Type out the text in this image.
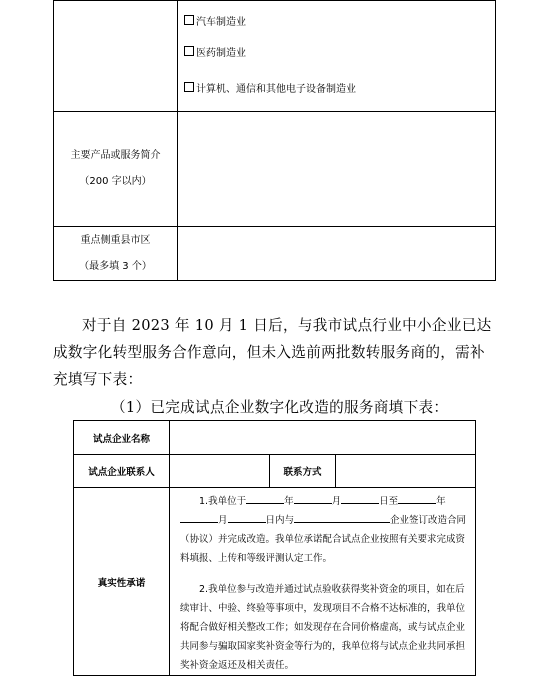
	汽车制造业
医药制造业
计算机、通信和其他电子设备制造业

主要产品或服务简介
（200 字以内）	

重点侧重县市区
（最多填 3 个）	

对于自 2023 年 10 月 1 日后，与我市试点行业中小企业已达成数字化转型服务合作意向，但未入选前两批数转服务商的，需补充填写下表：
（1）已完成试点企业数字化改造的服务商填下表：
试点企业名称			
试点企业联系人		联系方式	
真实性承诺	1.我单位于 年 月 日至 年月 日内与 企业签订改造合同（协议）并完成改造。我单位承诺配合试点企业按照有关要求完成资料填报、上传和等级评测认定工作。

2.我单位参与改造并通过试点验收获得奖补资金的项目，如在后续审计、中验、终验等事项中，发现项目不合格不达标准的，我单位将配合做好相关整改工作；如发现存在合同价格虚高，或与试点企业共同参与骗取国家奖补资金等行为的，我单位将与试点企业共同承担奖补资金返还及相关责任。		
